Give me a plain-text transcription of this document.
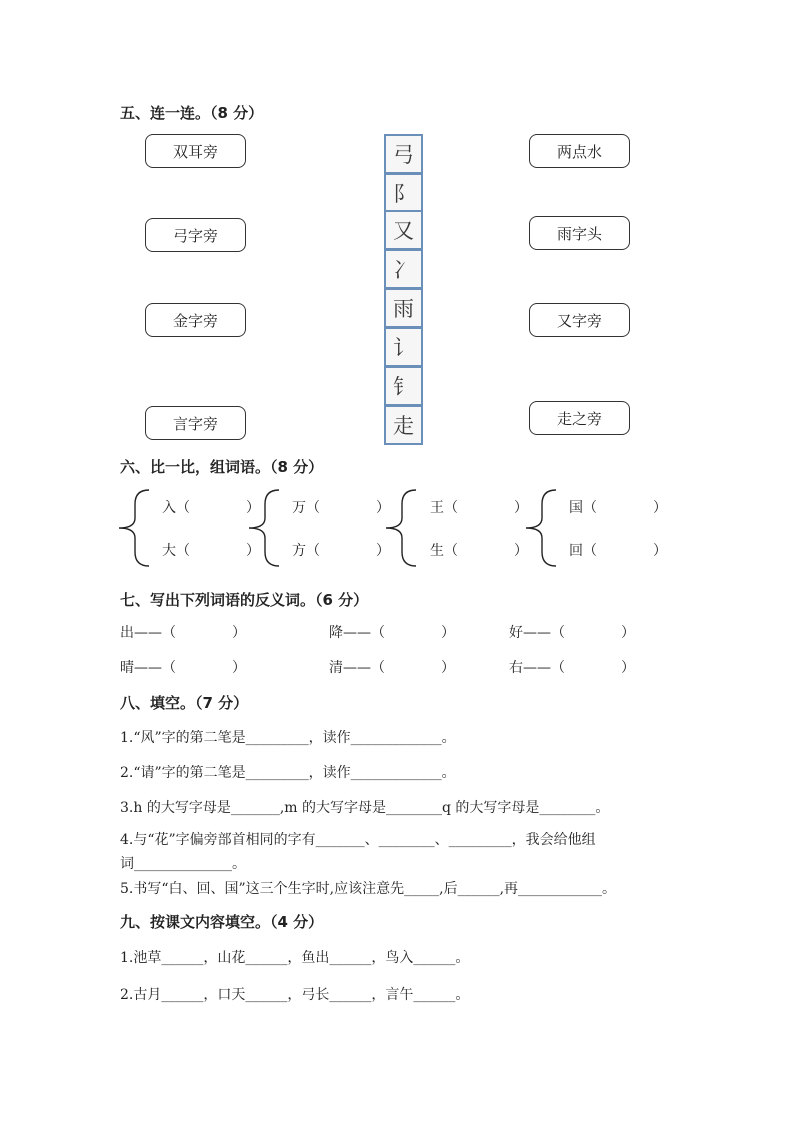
五、连一连。（8 分）
双耳旁
弓字旁
金字旁
言字旁
弓
阝
又
冫
雨
讠
钅
走
两点水
雨字头
又字旁
走之旁
六、比一比，组词语。（8 分）
入（　　　　）
大（　　　　）
万（　　　　）
方（　　　　）
王（　　　　）
生（　　　　）
国（　　　　）
回（　　　　）
七、写出下列词语的反义词。（6 分）
出——（　　　　）	降——（　　　　）	好——（　　　　）
晴——（　　　　）	清——（　　　　）	右——（　　　　）
八、填空。（7 分）
1.“风”字的第二笔是_________，读作_____________。
2.“请”字的第二笔是_________，读作_____________。
3.h 的大写字母是_______,m 的大写字母是________q 的大写字母是________。
4.与“花”字偏旁部首相同的字有_______、________、_________，我会给他组
词______________。
5.书写“白、回、国”这三个生字时,应该注意先_____,后______,再____________。
九、按课文内容填空。（4 分）
1.池草______，山花______，鱼出______，鸟入______。
2.古月______，口天______，弓长______，言午______。
